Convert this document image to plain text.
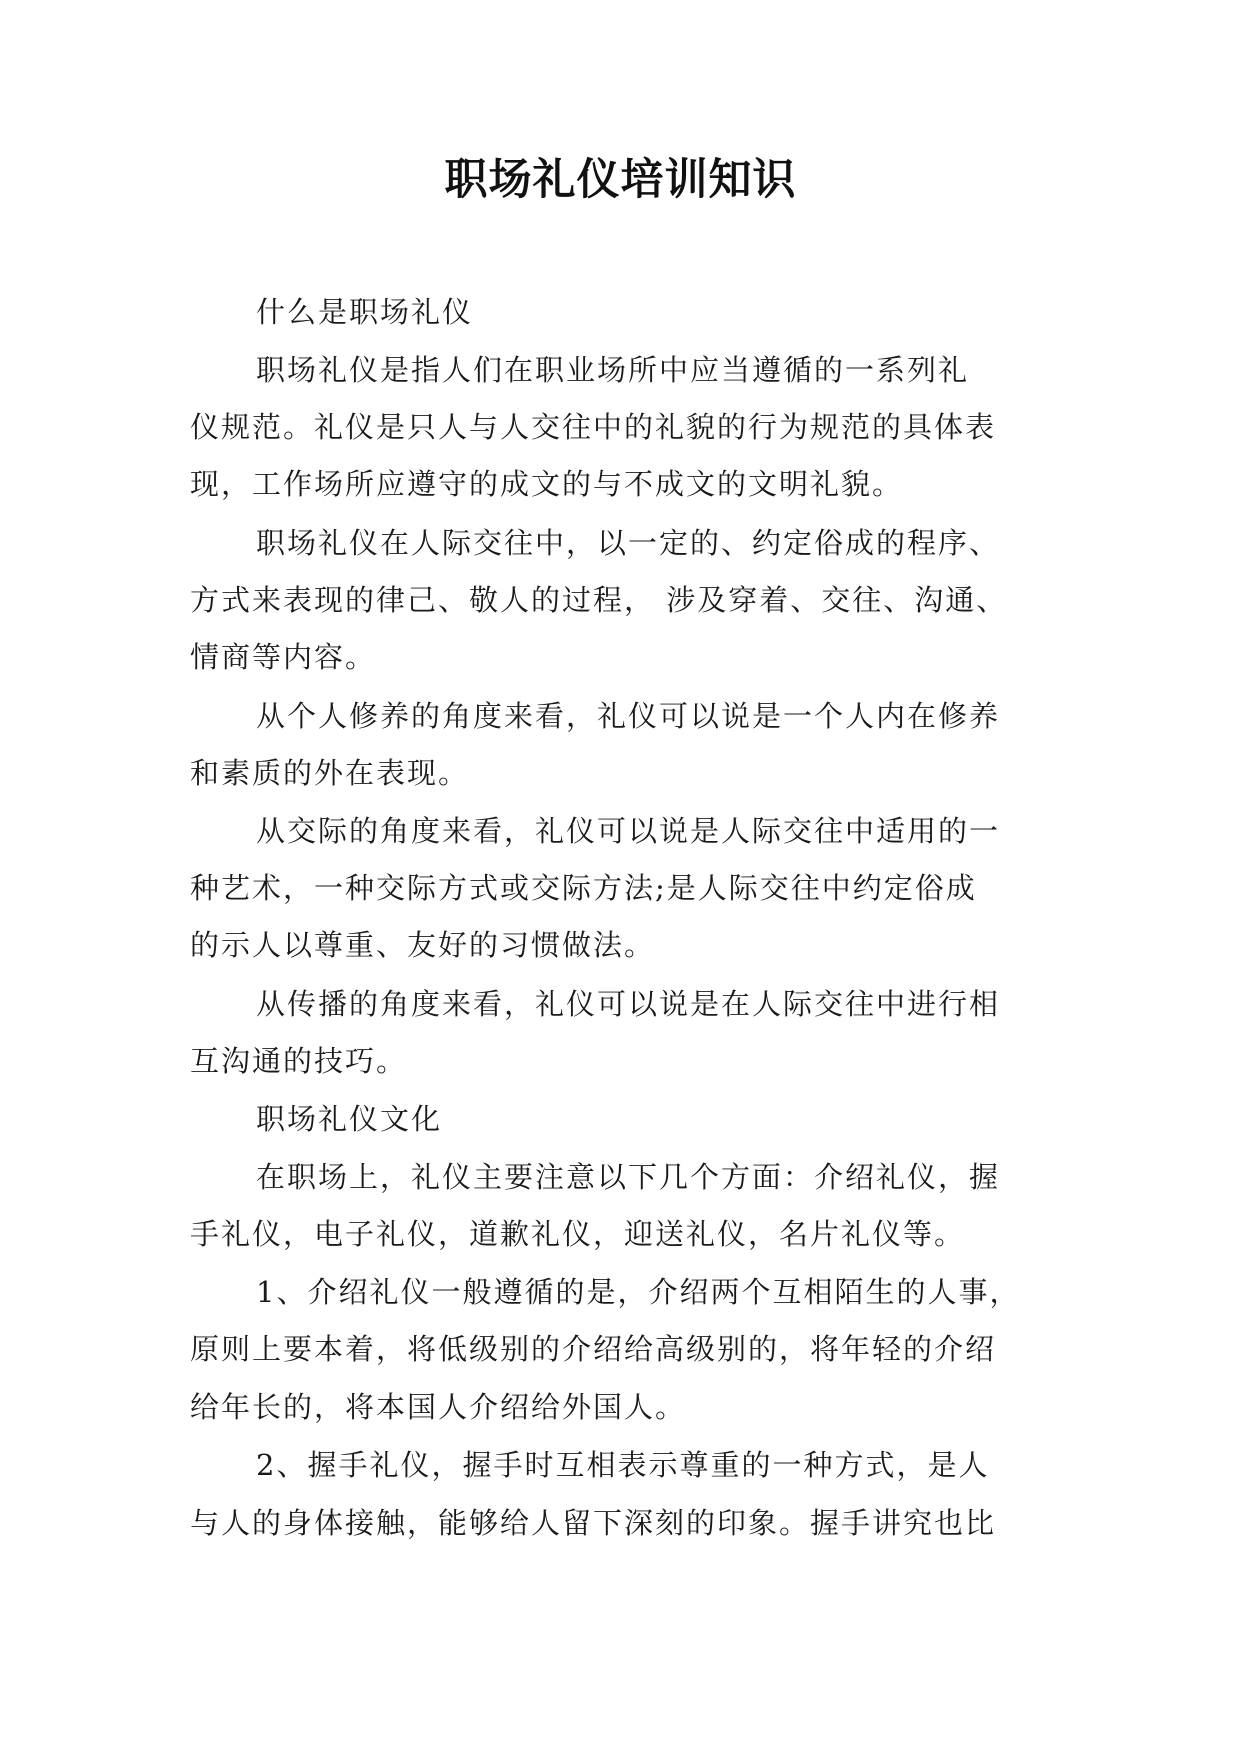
职场礼仪培训知识
什么是职场礼仪
职场礼仪是指人们在职业场所中应当遵循的一系列礼
仪规范。礼仪是只人与人交往中的礼貌的行为规范的具体表
现，工作场所应遵守的成文的与不成文的文明礼貌。
职场礼仪在人际交往中，以一定的、约定俗成的程序、
方式来表现的律己、敬人的过程， 涉及穿着、交往、沟通、
情商等内容。
从个人修养的角度来看，礼仪可以说是一个人内在修养
和素质的外在表现。
从交际的角度来看，礼仪可以说是人际交往中适用的一
种艺术，一种交际方式或交际方法;是人际交往中约定俗成
的示人以尊重、友好的习惯做法。
从传播的角度来看，礼仪可以说是在人际交往中进行相
互沟通的技巧。
职场礼仪文化
在职场上，礼仪主要注意以下几个方面：介绍礼仪，握
手礼仪，电子礼仪，道歉礼仪，迎送礼仪，名片礼仪等。
1、介绍礼仪一般遵循的是，介绍两个互相陌生的人事，
原则上要本着，将低级别的介绍给高级别的，将年轻的介绍
给年长的，将本国人介绍给外国人。
2、握手礼仪，握手时互相表示尊重的一种方式，是人
与人的身体接触，能够给人留下深刻的印象。握手讲究也比
